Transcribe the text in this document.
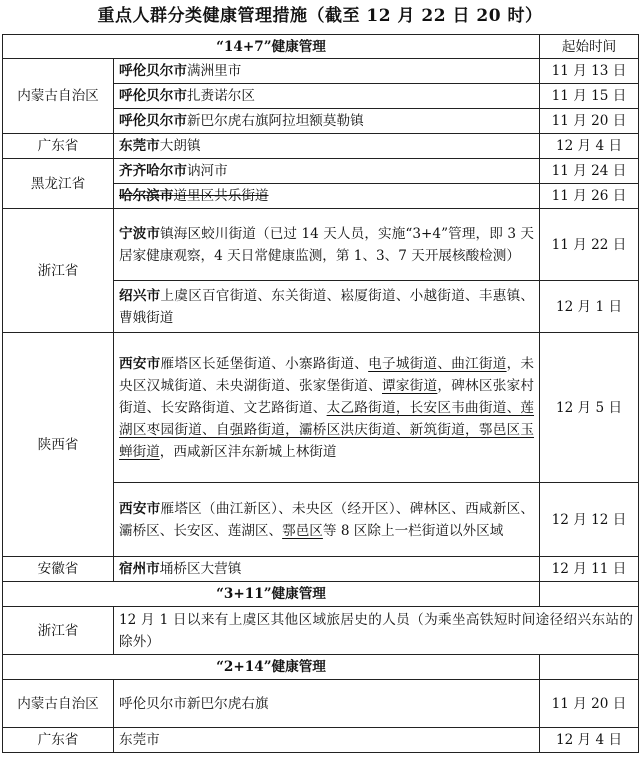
重点人群分类健康管理措施（截至 12 月 22 日 20 时）
“14+7”健康管理		起始时间
内蒙古自治区	呼伦贝尔市满洲里市	11 月 13 日
	呼伦贝尔市扎赉诺尔区	11 月 15 日
	呼伦贝尔市新巴尔虎右旗阿拉坦额莫勒镇	11 月 20 日
广东省	东莞市大朗镇	12 月 4 日
黑龙江省	齐齐哈尔市讷河市	11 月 24 日
	哈尔滨市道里区共乐街道	11 月 26 日
浙江省	宁波市镇海区蛟川街道（已过 14 天人员，实施“3+4”管理，即 3 天居家健康观察，4 天日常健康监测，第 1、3、7 天开展核酸检测）	11 月 22 日
	绍兴市上虞区百官街道、东关街道、崧厦街道、小越街道、丰惠镇、曹娥街道	12 月 1 日
陕西省	西安市雁塔区长延堡街道、小寨路街道、电子城街道、曲江街道，未央区汉城街道、未央湖街道、张家堡街道、谭家街道，碑林区张家村街道、长安路街道、文艺路街道、太乙路街道，长安区韦曲街道、莲湖区枣园街道、自强路街道，灞桥区洪庆街道、新筑街道，鄠邑区玉蝉街道，西咸新区沣东新城上林街道	12 月 5 日
	西安市雁塔区（曲江新区）、未央区（经开区）、碑林区、西咸新区、灞桥区、长安区、莲湖区、鄠邑区等 8 区除上一栏街道以外区域	12 月 12 日
安徽省	宿州市埇桥区大营镇	12 月 11 日
“3+11”健康管理		
浙江省	12 月 1 日以来有上虞区其他区域旅居史的人员（为乘坐高铁短时间途径绍兴东站的除外）	
“2+14”健康管理		
内蒙古自治区	呼伦贝尔市新巴尔虎右旗	11 月 20 日
广东省	东莞市	12 月 4 日
